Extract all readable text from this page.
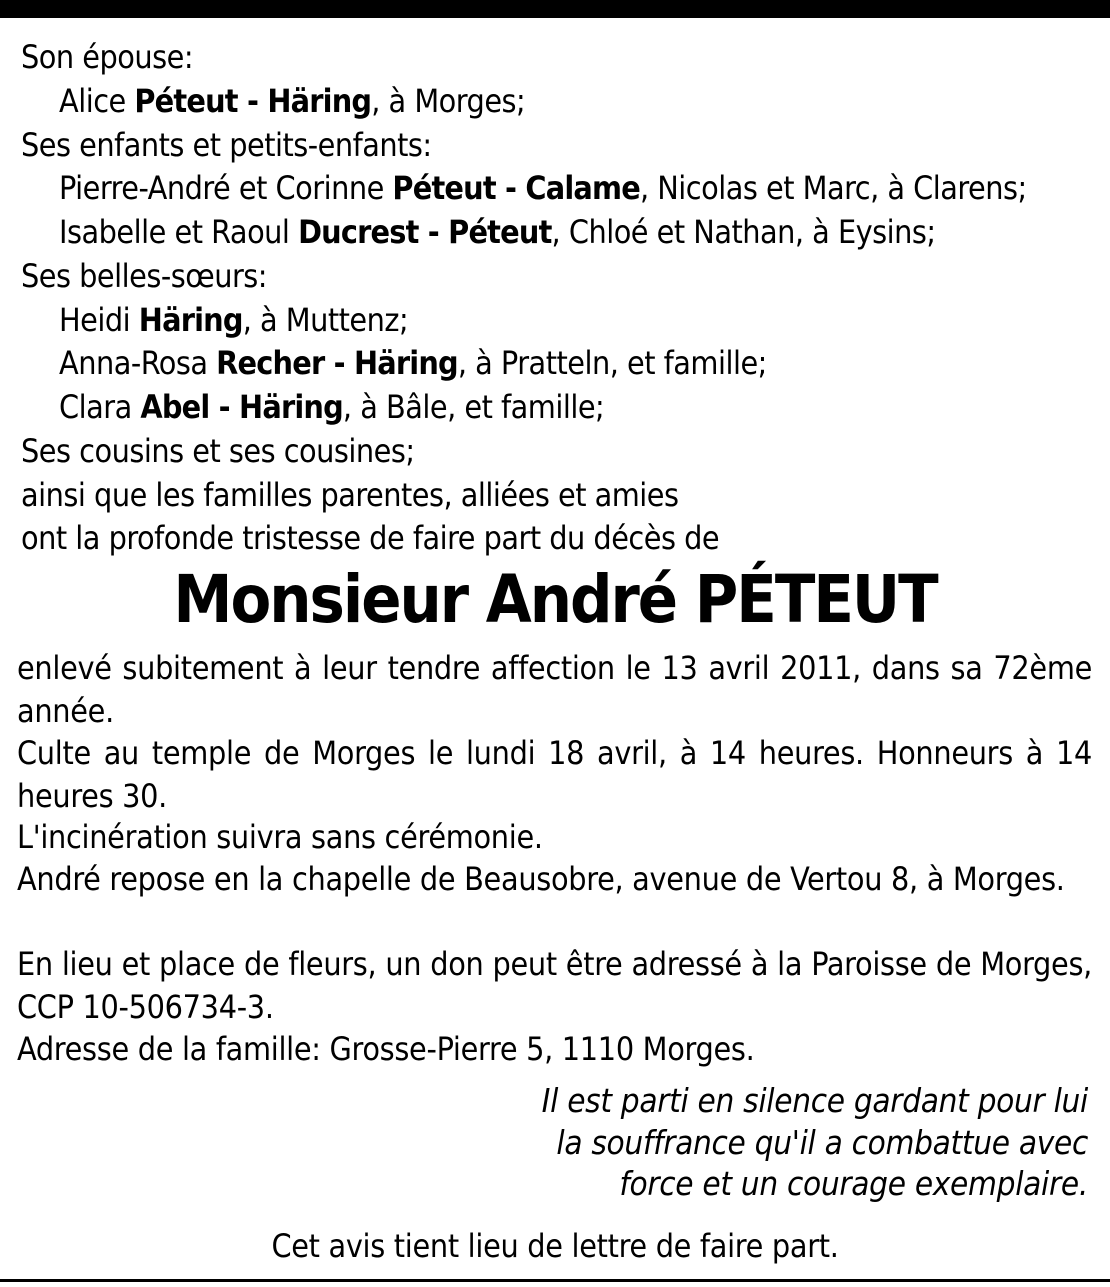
Son épouse:
Alice Péteut - Häring, à Morges;
Ses enfants et petits-enfants:
Pierre-André et Corinne Péteut - Calame, Nicolas et Marc, à Clarens;
Isabelle et Raoul Ducrest - Péteut, Chloé et Nathan, à Eysins;
Ses belles-sœurs:
Heidi Häring, à Muttenz;
Anna-Rosa Recher - Häring, à Pratteln, et famille;
Clara Abel - Häring, à Bâle, et famille;
Ses cousins et ses cousines;
ainsi que les familles parentes, alliées et amies
ont la profonde tristesse de faire part du décès de
Monsieur André PÉTEUT
enlevé subitement à leur tendre affection le 13 avril 2011, dans sa 72ème année.
Culte au temple de Morges le lundi 18 avril, à 14 heures. Honneurs à 14 heures 30.
L'incinération suivra sans cérémonie.
André repose en la chapelle de Beausobre, avenue de Vertou 8, à Morges.
En lieu et place de fleurs, un don peut être adressé à la Paroisse de Morges, CCP 10-506734-3.
Adresse de la famille: Grosse-Pierre 5, 1110 Morges.
Il est parti en silence gardant pour lui
la souffrance qu'il a combattue avec
force et un courage exemplaire.
Cet avis tient lieu de lettre de faire part.
